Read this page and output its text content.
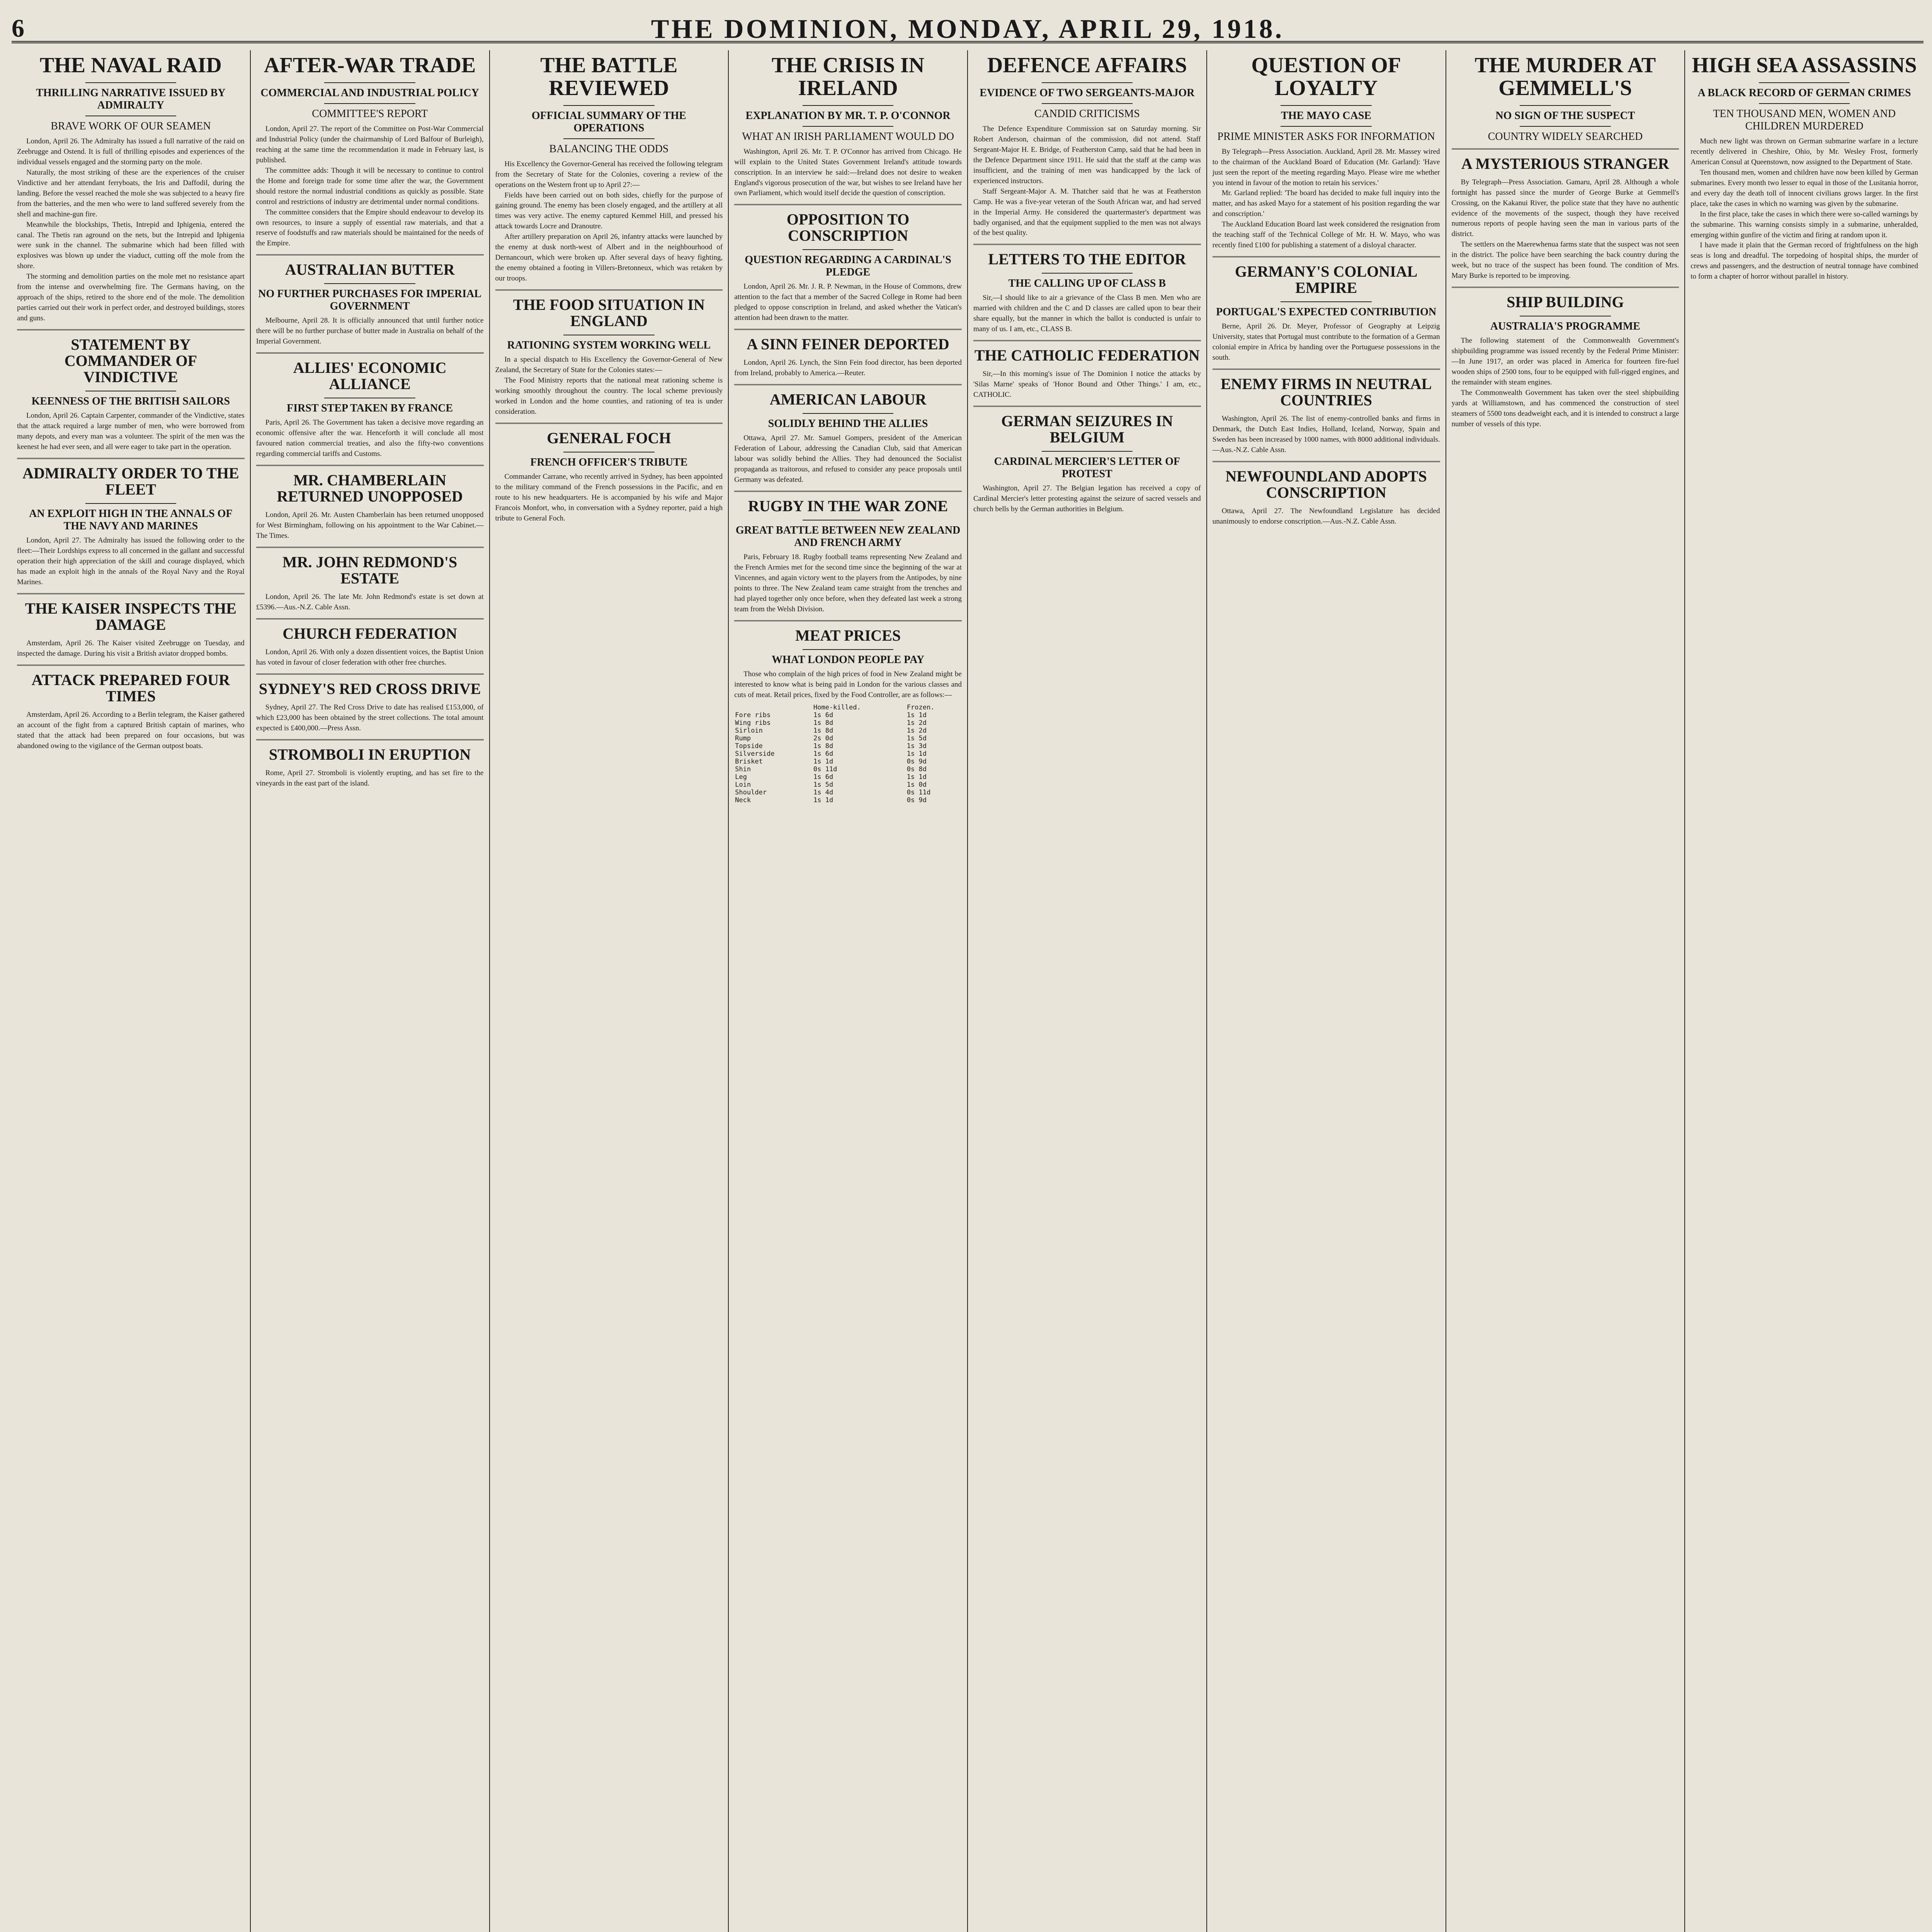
6	THE DOMINION, MONDAY, APRIL 29, 1918.
THE NAVAL RAID
THRILLING NARRATIVE ISSUED BY ADMIRALTY
BRAVE WORK OF OUR SEAMEN

London, April 26. The Admiralty has issued a full narrative of the raid on Zeebrugge and Ostend. It is full of thrilling episodes and experiences of the individual vessels engaged and the storming party on the mole.

Naturally, the most striking of these are the experiences of the cruiser Vindictive and her attendant ferryboats, the Iris and Daffodil, during the landing. Before the vessel reached the mole she was subjected to a heavy fire from the batteries, and the men who were to land suffered severely from the shell and machine-gun fire.

Meanwhile the blockships, Thetis, Intrepid and Iphigenia, entered the canal. The Thetis ran aground on the nets, but the Intrepid and Iphigenia were sunk in the channel. The submarine which had been filled with explosives was blown up under the viaduct, cutting off the mole from the shore.

The storming and demolition parties on the mole met no resistance apart from the intense and overwhelming fire. The Germans having, on the approach of the ships, retired to the shore end of the mole. The demolition parties carried out their work in perfect order, and destroyed buildings, stores and guns.

STATEMENT BY COMMANDER OF VINDICTIVE
KEENNESS OF THE BRITISH SAILORS

London, April 26. Captain Carpenter, commander of the Vindictive, states that the attack required a large number of men, who were borrowed from many depots, and every man was a volunteer. The spirit of the men was the keenest he had ever seen, and all were eager to take part in the operation.

ADMIRALTY ORDER TO THE FLEET
AN EXPLOIT HIGH IN THE ANNALS OF THE NAVY AND MARINES

London, April 27. The Admiralty has issued the following order to the fleet:—Their Lordships express to all concerned in the gallant and successful operation their high appreciation of the skill and courage displayed, which has made an exploit high in the annals of the Royal Navy and the Royal Marines.

THE KAISER INSPECTS THE DAMAGE

Amsterdam, April 26. The Kaiser visited Zeebrugge on Tuesday, and inspected the damage. During his visit a British aviator dropped bombs.

ATTACK PREPARED FOUR TIMES

Amsterdam, April 26. According to a Berlin telegram, the Kaiser gathered an account of the fight from a captured British captain of marines, who stated that the attack had been prepared on four occasions, but was abandoned owing to the vigilance of the German outpost boats.

AFTER-WAR TRADE
COMMERCIAL AND INDUSTRIAL POLICY
COMMITTEE'S REPORT

London, April 27. The report of the Committee on Post-War Commercial and Industrial Policy (under the chairmanship of Lord Balfour of Burleigh), reaching at the same time the recommendation it made in February last, is published.

The committee adds: Though it will be necessary to continue to control the Home and foreign trade for some time after the war, the Government should restore the normal industrial conditions as quickly as possible. State control and restrictions of industry are detrimental under normal conditions.

The committee considers that the Empire should endeavour to develop its own resources, to insure a supply of essential raw materials, and that a reserve of foodstuffs and raw materials should be maintained for the needs of the Empire.

AUSTRALIAN BUTTER
NO FURTHER PURCHASES FOR IMPERIAL GOVERNMENT

Melbourne, April 28. It is officially announced that until further notice there will be no further purchase of butter made in Australia on behalf of the Imperial Government.

ALLIES' ECONOMIC ALLIANCE
FIRST STEP TAKEN BY FRANCE

Paris, April 26. The Government has taken a decisive move regarding an economic offensive after the war. Henceforth it will conclude all most favoured nation commercial treaties, and also the fifty-two conventions regarding commercial tariffs and Customs.

MR. CHAMBERLAIN RETURNED UNOPPOSED

London, April 26. Mr. Austen Chamberlain has been returned unopposed for West Birmingham, following on his appointment to the War Cabinet.—The Times.

MR. JOHN REDMOND'S ESTATE

London, April 26. The late Mr. John Redmond's estate is set down at £5396.—Aus.-N.Z. Cable Assn.

CHURCH FEDERATION

London, April 26. With only a dozen dissentient voices, the Baptist Union has voted in favour of closer federation with other free churches.

SYDNEY'S RED CROSS DRIVE

Sydney, April 27. The Red Cross Drive to date has realised £153,000, of which £23,000 has been obtained by the street collections. The total amount expected is £400,000.—Press Assn.

STROMBOLI IN ERUPTION

Rome, April 27. Stromboli is violently erupting, and has set fire to the vineyards in the east part of the island.

THE BATTLE REVIEWED
OFFICIAL SUMMARY OF THE OPERATIONS
BALANCING THE ODDS

His Excellency the Governor-General has received the following telegram from the Secretary of State for the Colonies, covering a review of the operations on the Western front up to April 27:—

Fields have been carried out on both sides, chiefly for the purpose of gaining ground. The enemy has been closely engaged, and the artillery at all times was very active. The enemy captured Kemmel Hill, and pressed his attack towards Locre and Dranoutre.

After artillery preparation on April 26, infantry attacks were launched by the enemy at dusk north-west of Albert and in the neighbourhood of Dernancourt, which were broken up. After several days of heavy fighting, the enemy obtained a footing in Villers-Bretonneux, which was retaken by our troops.

THE FOOD SITUATION IN ENGLAND
RATIONING SYSTEM WORKING WELL

In a special dispatch to His Excellency the Governor-General of New Zealand, the Secretary of State for the Colonies states:—

The Food Ministry reports that the national meat rationing scheme is working smoothly throughout the country. The local scheme previously worked in London and the home counties, and rationing of tea is under consideration.

GENERAL FOCH
FRENCH OFFICER'S TRIBUTE

Commander Carrane, who recently arrived in Sydney, has been appointed to the military command of the French possessions in the Pacific, and en route to his new headquarters. He is accompanied by his wife and Major Francois Monfort, who, in conversation with a Sydney reporter, paid a high tribute to General Foch.

THE CRISIS IN IRELAND
EXPLANATION BY MR. T. P. O'CONNOR
WHAT AN IRISH PARLIAMENT WOULD DO

Washington, April 26. Mr. T. P. O'Connor has arrived from Chicago. He will explain to the United States Government Ireland's attitude towards conscription. In an interview he said:—Ireland does not desire to weaken England's vigorous prosecution of the war, but wishes to see Ireland have her own Parliament, which would itself decide the question of conscription.

OPPOSITION TO CONSCRIPTION
QUESTION REGARDING A CARDINAL'S PLEDGE

London, April 26. Mr. J. R. P. Newman, in the House of Commons, drew attention to the fact that a member of the Sacred College in Rome had been pledged to oppose conscription in Ireland, and asked whether the Vatican's attention had been drawn to the matter.

A SINN FEINER DEPORTED

London, April 26. Lynch, the Sinn Fein food director, has been deported from Ireland, probably to America.—Reuter.

AMERICAN LABOUR
SOLIDLY BEHIND THE ALLIES

Ottawa, April 27. Mr. Samuel Gompers, president of the American Federation of Labour, addressing the Canadian Club, said that American labour was solidly behind the Allies. They had denounced the Socialist propaganda as traitorous, and refused to consider any peace proposals until Germany was defeated.

RUGBY IN THE WAR ZONE
GREAT BATTLE BETWEEN NEW ZEALAND AND FRENCH ARMY

Paris, February 18. Rugby football teams representing New Zealand and the French Armies met for the second time since the beginning of the war at Vincennes, and again victory went to the players from the Antipodes, by nine points to three. The New Zealand team came straight from the trenches and had played together only once before, when they defeated last week a strong team from the Welsh Division.

MEAT PRICES
WHAT LONDON PEOPLE PAY

Those who complain of the high prices of food in New Zealand might be interested to know what is being paid in London for the various classes and cuts of meat. Retail prices, fixed by the Food Controller, are as follows:—

	Home-killed.	Frozen.
Fore ribs	1s 6d	1s 1d
Wing ribs	1s 8d	1s 2d
Sirloin	1s 8d	1s 2d
Rump	2s 0d	1s 5d
Topside	1s 8d	1s 3d
Silverside	1s 6d	1s 1d
Brisket	1s 1d	0s 9d
Shin	0s 11d	0s 8d
Leg	1s 6d	1s 1d
Loin	1s 5d	1s 0d
Shoulder	1s 4d	0s 11d
Neck	1s 1d	0s 9d
DEFENCE AFFAIRS
EVIDENCE OF TWO SERGEANTS-MAJOR
CANDID CRITICISMS

The Defence Expenditure Commission sat on Saturday morning. Sir Robert Anderson, chairman of the commission, did not attend. Staff Sergeant-Major H. E. Bridge, of Featherston Camp, said that he had been in the Defence Department since 1911. He said that the staff at the camp was insufficient, and the training of men was handicapped by the lack of experienced instructors.

Staff Sergeant-Major A. M. Thatcher said that he was at Featherston Camp. He was a five-year veteran of the South African war, and had served in the Imperial Army. He considered the quartermaster's department was badly organised, and that the equipment supplied to the men was not always of the best quality.

LETTERS TO THE EDITOR
THE CALLING UP OF CLASS B

Sir,—I should like to air a grievance of the Class B men. Men who are married with children and the C and D classes are called upon to bear their share equally, but the manner in which the ballot is conducted is unfair to many of us. I am, etc., CLASS B.

THE CATHOLIC FEDERATION

Sir,—In this morning's issue of The Dominion I notice the attacks by 'Silas Marne' speaks of 'Honor Bound and Other Things.' I am, etc., CATHOLIC.

GERMAN SEIZURES IN BELGIUM
CARDINAL MERCIER'S LETTER OF PROTEST

Washington, April 27. The Belgian legation has received a copy of Cardinal Mercier's letter protesting against the seizure of sacred vessels and church bells by the German authorities in Belgium.

QUESTION OF LOYALTY
THE MAYO CASE
PRIME MINISTER ASKS FOR INFORMATION

By Telegraph—Press Association. Auckland, April 28. Mr. Massey wired to the chairman of the Auckland Board of Education (Mr. Garland): 'Have just seen the report of the meeting regarding Mayo. Please wire me whether you intend in favour of the motion to retain his services.'

Mr. Garland replied: 'The board has decided to make full inquiry into the matter, and has asked Mayo for a statement of his position regarding the war and conscription.'

The Auckland Education Board last week considered the resignation from the teaching staff of the Technical College of Mr. H. W. Mayo, who was recently fined £100 for publishing a statement of a disloyal character.

GERMANY'S COLONIAL EMPIRE
PORTUGAL'S EXPECTED CONTRIBUTION

Berne, April 26. Dr. Meyer, Professor of Geography at Leipzig University, states that Portugal must contribute to the formation of a German colonial empire in Africa by handing over the Portuguese possessions in the south.

ENEMY FIRMS IN NEUTRAL COUNTRIES

Washington, April 26. The list of enemy-controlled banks and firms in Denmark, the Dutch East Indies, Holland, Iceland, Norway, Spain and Sweden has been increased by 1000 names, with 8000 additional individuals.—Aus.-N.Z. Cable Assn.

NEWFOUNDLAND ADOPTS CONSCRIPTION

Ottawa, April 27. The Newfoundland Legislature has decided unanimously to endorse conscription.—Aus.-N.Z. Cable Assn.

THE MURDER AT GEMMELL'S
NO SIGN OF THE SUSPECT
COUNTRY WIDELY SEARCHED
A MYSTERIOUS STRANGER

By Telegraph—Press Association. Gamaru, April 28. Although a whole fortnight has passed since the murder of George Burke at Gemmell's Crossing, on the Kakanui River, the police state that they have no authentic evidence of the movements of the suspect, though they have received numerous reports of people having seen the man in various parts of the district.

The settlers on the Maerewhenua farms state that the suspect was not seen in the district. The police have been searching the back country during the week, but no trace of the suspect has been found. The condition of Mrs. Mary Burke is reported to be improving.

SHIP BUILDING
AUSTRALIA'S PROGRAMME

The following statement of the Commonwealth Government's shipbuilding programme was issued recently by the Federal Prime Minister:—In June 1917, an order was placed in America for fourteen fire-fuel wooden ships of 2500 tons, four to be equipped with full-rigged engines, and the remainder with steam engines.

The Commonwealth Government has taken over the steel shipbuilding yards at Williamstown, and has commenced the construction of steel steamers of 5500 tons deadweight each, and it is intended to construct a large number of vessels of this type.

HIGH SEA ASSASSINS
A BLACK RECORD OF GERMAN CRIMES
TEN THOUSAND MEN, WOMEN AND CHILDREN MURDERED

Much new light was thrown on German submarine warfare in a lecture recently delivered in Cheshire, Ohio, by Mr. Wesley Frost, formerly American Consul at Queenstown, now assigned to the Department of State.

Ten thousand men, women and children have now been killed by German submarines. Every month two lesser to equal in those of the Lusitania horror, and every day the death toll of innocent civilians grows larger. In the first place, take the cases in which no warning was given by the submarine.

In the first place, take the cases in which there were so-called warnings by the submarine. This warning consists simply in a submarine, unheralded, emerging within gunfire of the victim and firing at random upon it.

I have made it plain that the German record of frightfulness on the high seas is long and dreadful. The torpedoing of hospital ships, the murder of crews and passengers, and the destruction of neutral tonnage have combined to form a chapter of horror without parallel in history.
